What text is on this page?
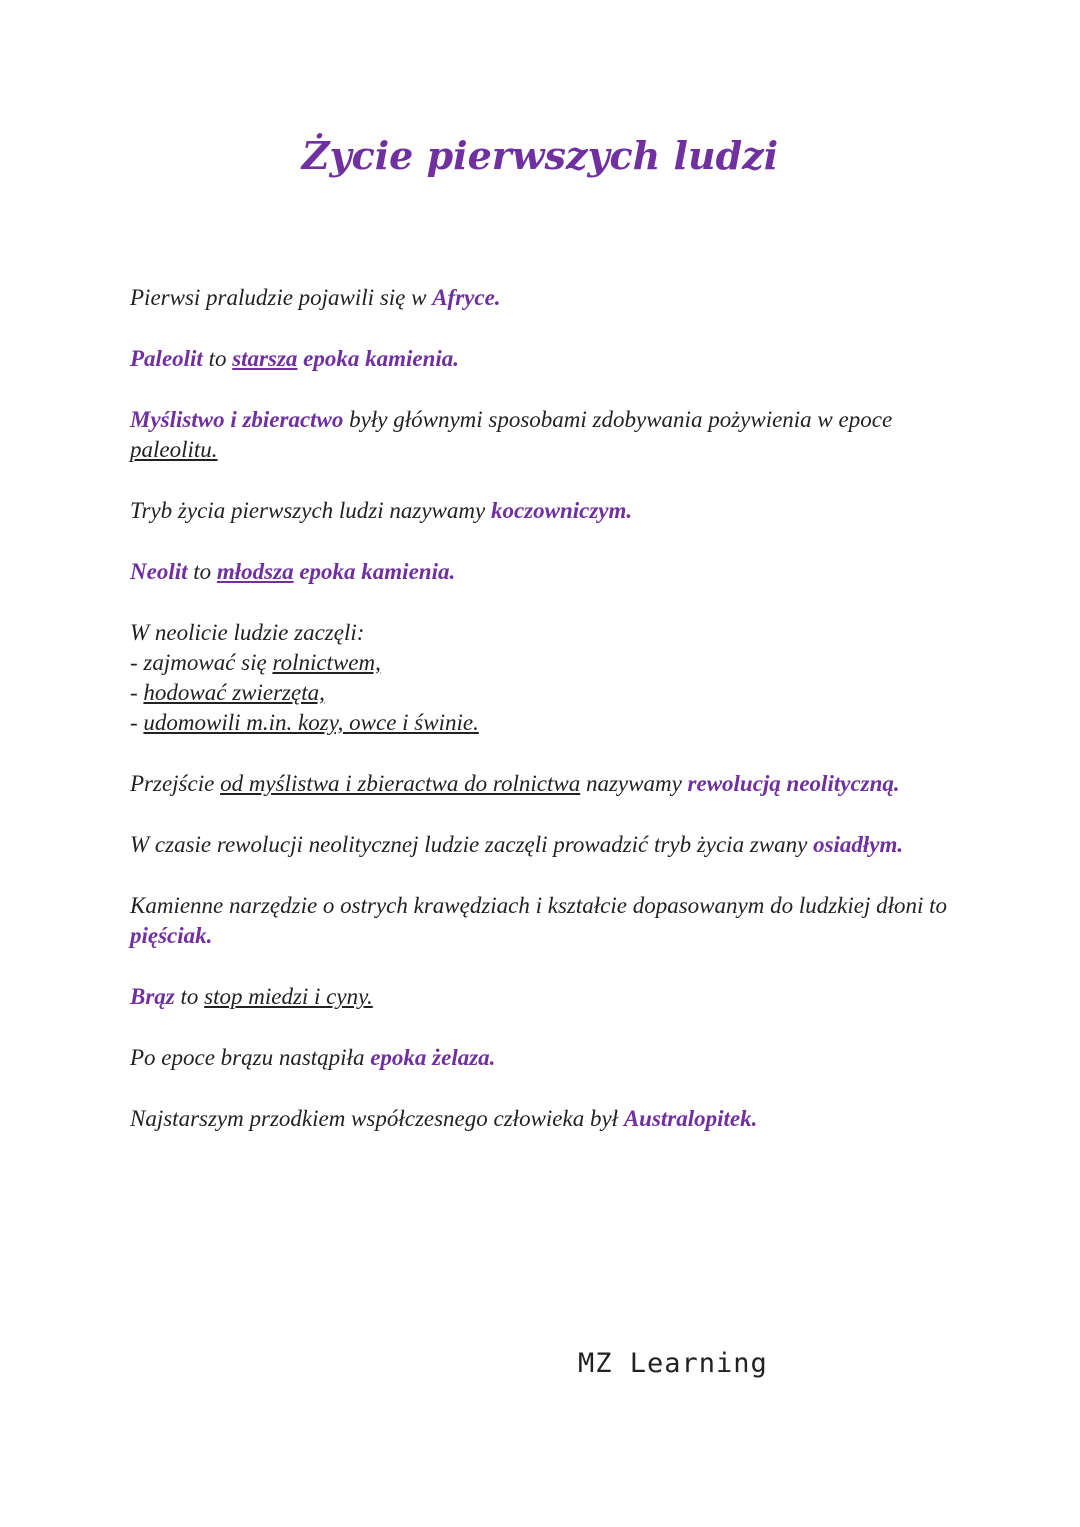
Życie pierwszych ludzi

Pierwsi praludzie pojawili się w Afryce.

Paleolit to starsza epoka kamienia.

Myślistwo i zbieractwo były głównymi sposobami zdobywania pożywienia w epoce paleolitu.

Tryb życia pierwszych ludzi nazywamy koczowniczym.

Neolit to młodsza epoka kamienia.

W neolicie ludzie zaczęli:
- zajmować się rolnictwem,
- hodować zwierzęta,
- udomowili m.in. kozy, owce i świnie.

Przejście od myślistwa i zbieractwa do rolnictwa nazywamy rewolucją neolityczną.

W czasie rewolucji neolitycznej ludzie zaczęli prowadzić tryb życia zwany osiadłym.

Kamienne narzędzie o ostrych krawędziach i kształcie dopasowanym do ludzkiej dłoni to pięściak.

Brąz to stop miedzi i cyny.

Po epoce brązu nastąpiła epoka żelaza.

Najstarszym przodkiem współczesnego człowieka był Australopitek.

MZ Learning
